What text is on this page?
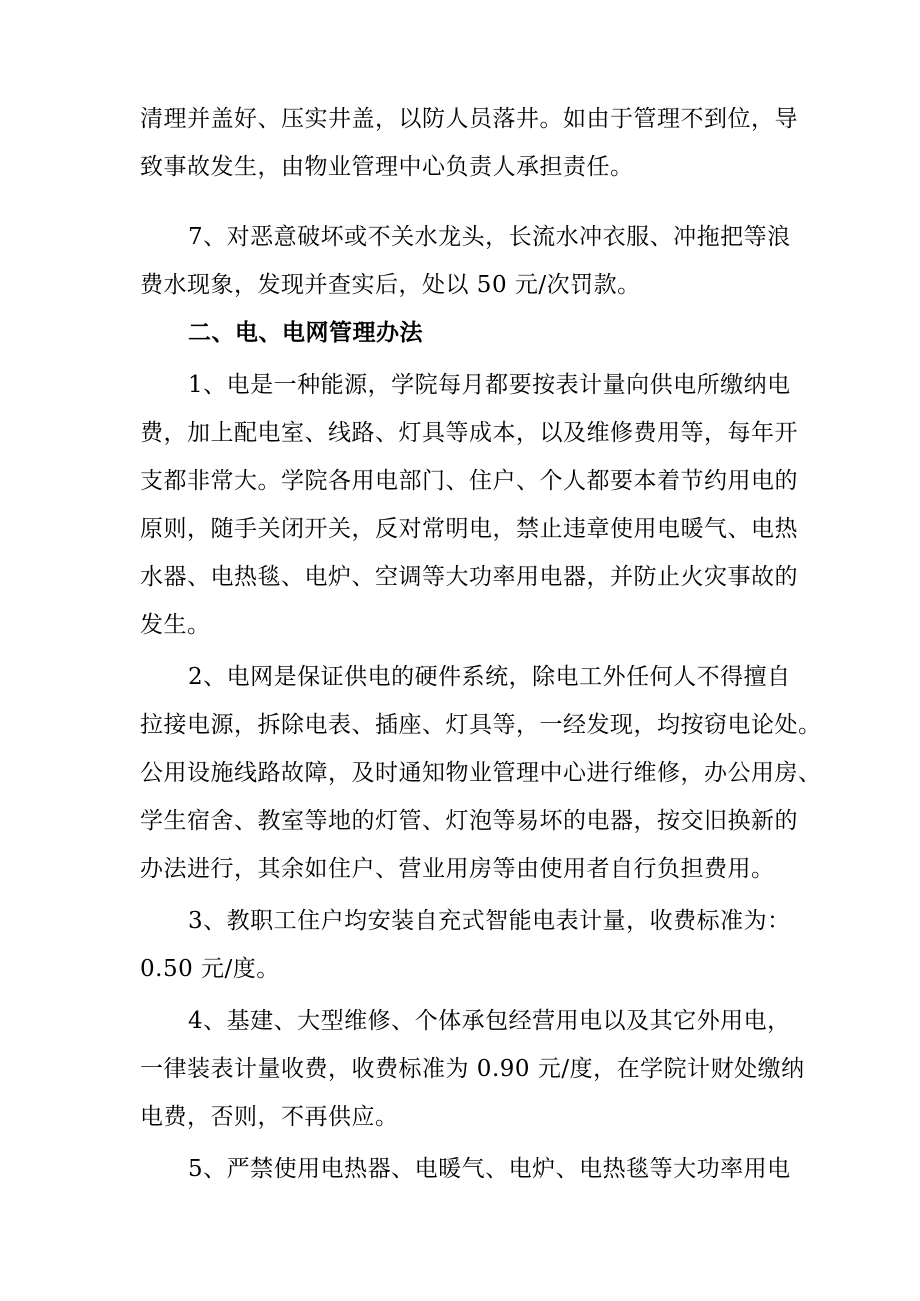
清理并盖好、压实井盖，以防人员落井。如由于管理不到位，导
致事故发生，由物业管理中心负责人承担责任。
7、对恶意破坏或不关水龙头，长流水冲衣服、冲拖把等浪
费水现象，发现并查实后，处以 50 元/次罚款。
二、电、电网管理办法
1、电是一种能源，学院每月都要按表计量向供电所缴纳电
费，加上配电室、线路、灯具等成本，以及维修费用等，每年开
支都非常大。学院各用电部门、住户、个人都要本着节约用电的
原则，随手关闭开关，反对常明电，禁止违章使用电暖气、电热
水器、电热毯、电炉、空调等大功率用电器，并防止火灾事故的
发生。
2、电网是保证供电的硬件系统，除电工外任何人不得擅自
拉接电源，拆除电表、插座、灯具等，一经发现，均按窃电论处。
公用设施线路故障，及时通知物业管理中心进行维修，办公用房、
学生宿舍、教室等地的灯管、灯泡等易坏的电器，按交旧换新的
办法进行，其余如住户、营业用房等由使用者自行负担费用。
3、教职工住户均安装自充式智能电表计量，收费标准为：
0.50 元/度。
4、基建、大型维修、个体承包经营用电以及其它外用电，
一律装表计量收费，收费标准为 0.90 元/度，在学院计财处缴纳
电费，否则，不再供应。
5、严禁使用电热器、电暖气、电炉、电热毯等大功率用电
